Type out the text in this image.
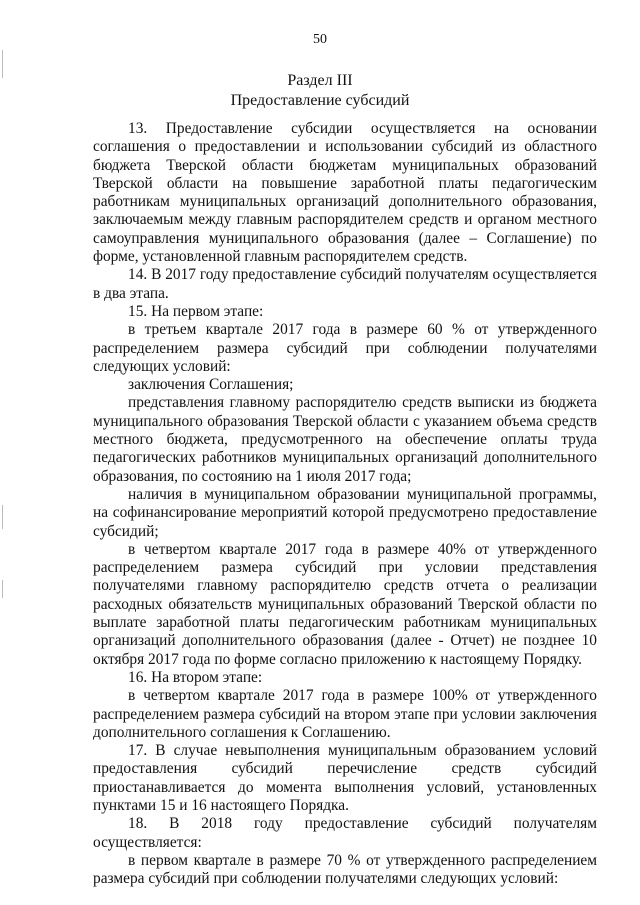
50
Раздел III
Предоставление субсидий

13. Предоставление субсидии осуществляется на основании соглашения о предоставлении и использовании субсидий из областного бюджета Тверской области бюджетам муниципальных образований Тверской области на повышение заработной платы педагогическим работникам муниципальных организаций дополнительного образования, заключаемым между главным распорядителем средств и органом местного самоуправления муниципального образования (далее – Соглашение) по форме, установленной главным распорядителем средств.

14. В 2017 году предоставление субсидий получателям осуществляется в два этапа.

15. На первом этапе:

в третьем квартале 2017 года в размере 60 % от утвержденного распределением размера субсидий при соблюдении получателями следующих условий:

заключения Соглашения;

представления главному распорядителю средств выписки из бюджета муниципального образования Тверской области с указанием объема средств местного бюджета, предусмотренного на обеспечение оплаты труда педагогических работников муниципальных организаций дополнительного образования, по состоянию на 1 июля 2017 года;

наличия в муниципальном образовании муниципальной программы, на софинансирование мероприятий которой предусмотрено предоставление субсидий;

в четвертом квартале 2017 года в размере 40% от утвержденного распределением размера субсидий при условии представления получателями главному распорядителю средств отчета о реализации расходных обязательств муниципальных образований Тверской области по выплате заработной платы педагогическим работникам муниципальных организаций дополнительного образования (далее - Отчет) не позднее 10 октября 2017 года по форме согласно приложению к настоящему Порядку.

16. На втором этапе:

в четвертом квартале 2017 года в размере 100% от утвержденного распределением размера субсидий на втором этапе при условии заключения дополнительного соглашения к Соглашению.

17. В случае невыполнения муниципальным образованием условий предоставления субсидий перечисление средств субсидий приостанавливается до момента выполнения условий, установленных пунктами 15 и 16 настоящего Порядка.

18. В 2018 году предоставление субсидий получателям осуществляется:

в первом квартале в размере 70 % от утвержденного распределением размера субсидий при соблюдении получателями следующих условий:
